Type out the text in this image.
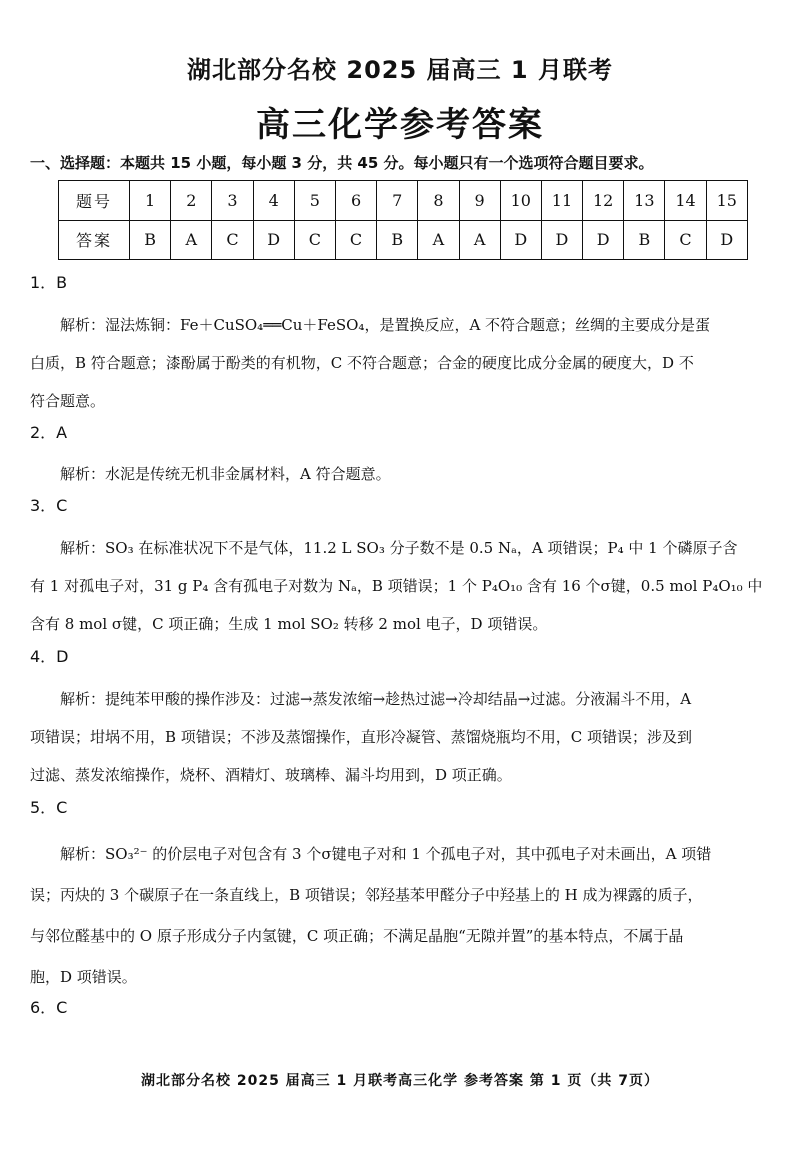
湖北部分名校 2025 届高三 1 月联考
高三化学参考答案
一、选择题：本题共 15 小题，每小题 3 分，共 45 分。每小题只有一个选项符合题目要求。
题号	1	2	3	4	5	6	7	8	9	10	11	12	13	14	15
答案	B	A	C	D	C	C	B	A	A	D	D	D	B	C	D
1．B
解析：湿法炼铜：Fe＋CuSO₄══Cu＋FeSO₄，是置换反应，A 不符合题意；丝绸的主要成分是蛋
白质，B 符合题意；漆酚属于酚类的有机物，C 不符合题意；合金的硬度比成分金属的硬度大，D 不
符合题意。
2．A
解析：水泥是传统无机非金属材料，A 符合题意。
3．C
解析：SO₃ 在标准状况下不是气体，11.2 L SO₃ 分子数不是 0.5 Nₐ，A 项错误；P₄ 中 1 个磷原子含
有 1 对孤电子对，31 g P₄ 含有孤电子对数为 Nₐ，B 项错误；1 个 P₄O₁₀ 含有 16 个σ键，0.5 mol P₄O₁₀ 中
含有 8 mol σ键，C 项正确；生成 1 mol SO₂ 转移 2 mol 电子，D 项错误。
4．D
解析：提纯苯甲酸的操作涉及：过滤→蒸发浓缩→趁热过滤→冷却结晶→过滤。分液漏斗不用，A
项错误；坩埚不用，B 项错误；不涉及蒸馏操作，直形冷凝管、蒸馏烧瓶均不用，C 项错误；涉及到
过滤、蒸发浓缩操作，烧杯、酒精灯、玻璃棒、漏斗均用到，D 项正确。
5．C
解析：SO₃²⁻ 的价层电子对包含有 3 个σ键电子对和 1 个孤电子对，其中孤电子对未画出，A 项错
误；丙炔的 3 个碳原子在一条直线上，B 项错误；邻羟基苯甲醛分子中羟基上的 H 成为裸露的质子，
与邻位醛基中的 O 原子形成分子内氢键，C 项正确；不满足晶胞“无隙并置”的基本特点，不属于晶
胞，D 项错误。
6．C
湖北部分名校 2025 届高三 1 月联考高三化学 参考答案 第 1 页（共 7页）
